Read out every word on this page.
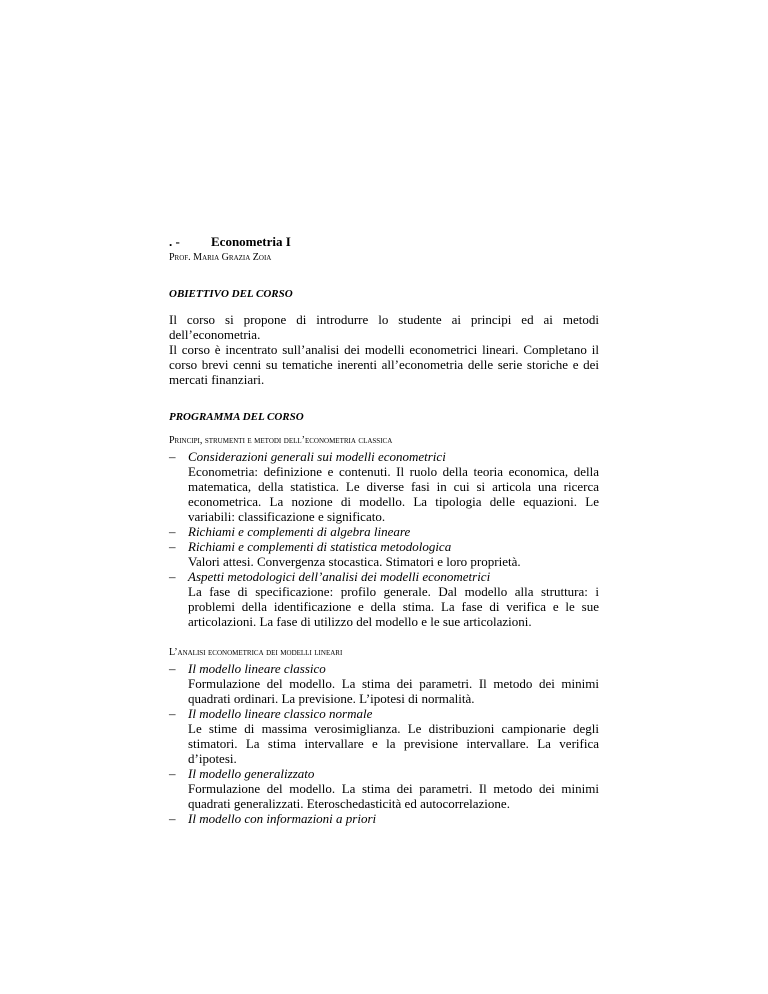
. -	Econometria I
Prof. Maria Grazia Zoia
OBIETTIVO DEL CORSO

Il corso si propone di introdurre lo studente ai principi ed ai metodi dell’econometria.

Il corso è incentrato sull’analisi dei modelli econometrici lineari. Completano il corso brevi cenni su tematiche inerenti all’econometria delle serie storiche e dei mercati finanziari.

PROGRAMMA DEL CORSO
Principi, strumenti e metodi dell’econometria classica
– Considerazioni generali sui modelli econometrici
Econometria: definizione e contenuti. Il ruolo della teoria economica, della matematica, della statistica. Le diverse fasi in cui si articola una ricerca econometrica. La nozione di modello. La tipologia delle equazioni. Le variabili: classificazione e significato.
– Richiami e complementi di algebra lineare
– Richiami e complementi di statistica metodologica
Valori attesi. Convergenza stocastica. Stimatori e loro proprietà.
– Aspetti metodologici dell’analisi dei modelli econometrici
La fase di specificazione: profilo generale. Dal modello alla struttura: i problemi della identificazione e della stima. La fase di verifica e le sue articolazioni. La fase di utilizzo del modello e le sue articolazioni.
L’analisi econometrica dei modelli lineari
– Il modello lineare classico
Formulazione del modello. La stima dei parametri. Il metodo dei minimi quadrati ordinari. La previsione. L’ipotesi di normalità.
– Il modello lineare classico normale
Le stime di massima verosimiglianza. Le distribuzioni campionarie degli stimatori. La stima intervallare e la previsione intervallare. La verifica d’ipotesi.
– Il modello generalizzato
Formulazione del modello. La stima dei parametri. Il metodo dei minimi quadrati generalizzati. Eteroschedasticità ed autocorrelazione.
– Il modello con informazioni a priori
